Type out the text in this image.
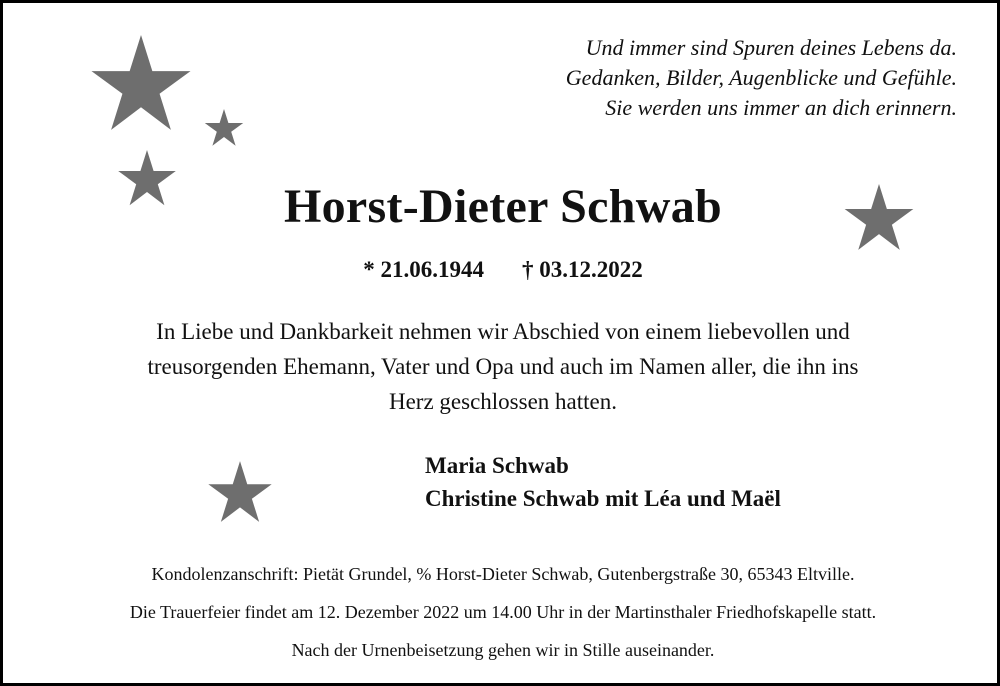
Und immer sind Spuren deines Lebens da.
Gedanken, Bilder, Augenblicke und Gefühle.
Sie werden uns immer an dich erinnern.
Horst-Dieter Schwab
* 21.06.1944 † 03.12.2022
In Liebe und Dankbarkeit nehmen wir Abschied von einem liebevollen und
treusorgenden Ehemann, Vater und Opa und auch im Namen aller, die ihn ins
Herz geschlossen hatten.
Maria Schwab
Christine Schwab mit Léa und Maël
Kondolenzanschrift: Pietät Grundel, % Horst-Dieter Schwab, Gutenbergstraße 30, 65343 Eltville.
Die Trauerfeier findet am 12. Dezember 2022 um 14.00 Uhr in der Martinsthaler Friedhofskapelle statt.
Nach der Urnenbeisetzung gehen wir in Stille auseinander.
